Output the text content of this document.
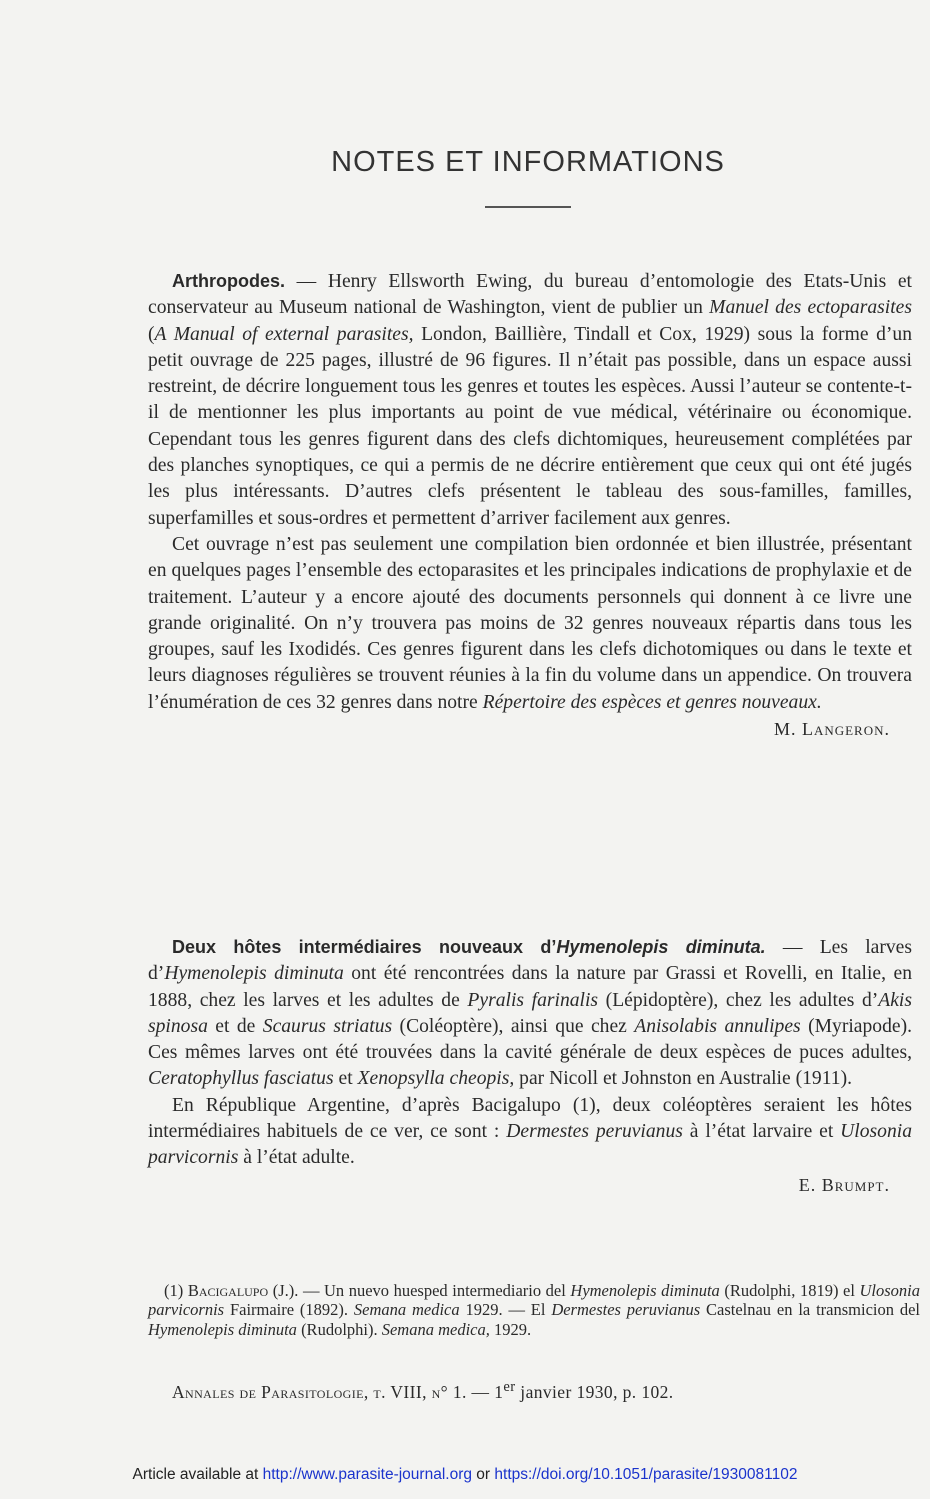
NOTES ET INFORMATIONS

Arthropodes. — Henry Ellsworth Ewing, du bureau d’entomologie des Etats-Unis et conservateur au Museum national de Washington, vient de publier un Manuel des ectoparasites (A Manual of external parasites, London, Baillière, Tindall et Cox, 1929) sous la forme d’un petit ouvrage de 225 pages, illustré de 96 figures. Il n’était pas possible, dans un espace aussi restreint, de décrire longuement tous les genres et toutes les espèces. Aussi l’auteur se contente-t-il de mentionner les plus importants au point de vue médical, vétérinaire ou économique. Cependant tous les genres figurent dans des clefs dichtomiques, heureusement complétées par des planches synoptiques, ce qui a permis de ne décrire entièrement que ceux qui ont été jugés les plus intéressants. D’autres clefs présentent le tableau des sous-familles, familles, superfamilles et sous-ordres et permettent d’arriver facilement aux genres.

Cet ouvrage n’est pas seulement une compilation bien ordonnée et bien illustrée, présentant en quelques pages l’ensemble des ectoparasites et les principales indications de prophylaxie et de traitement. L’auteur y a encore ajouté des documents personnels qui donnent à ce livre une grande originalité. On n’y trouvera pas moins de 32 genres nouveaux répartis dans tous les groupes, sauf les Ixodidés. Ces genres figurent dans les clefs dichotomiques ou dans le texte et leurs diagnoses régulières se trouvent réunies à la fin du volume dans un appendice. On trouvera l’énumération de ces 32 genres dans notre Répertoire des espèces et genres nouveaux.

M. Langeron.

Deux hôtes intermédiaires nouveaux d’Hymenolepis diminuta. — Les larves d’Hymenolepis diminuta ont été rencontrées dans la nature par Grassi et Rovelli, en Italie, en 1888, chez les larves et les adultes de Pyralis farinalis (Lépidoptère), chez les adultes d’Akis spinosa et de Scaurus striatus (Coléoptère), ainsi que chez Anisolabis annulipes (Myriapode). Ces mêmes larves ont été trouvées dans la cavité générale de deux espèces de puces adultes, Ceratophyllus fasciatus et Xenopsylla cheopis, par Nicoll et Johnston en Australie (1911).

En République Argentine, d’après Bacigalupo (1), deux coléoptères seraient les hôtes intermédiaires habituels de ce ver, ce sont : Dermestes peruvianus à l’état larvaire et Ulosonia parvicornis à l’état adulte.

E. Brumpt.

(1) Bacigalupo (J.). — Un nuevo huesped intermediario del Hymenolepis diminuta (Rudolphi, 1819) el Ulosonia parvicornis Fairmaire (1892). Semana medica 1929. — El Dermestes peruvianus Castelnau en la transmicion del Hymenolepis diminuta (Rudolphi). Semana medica, 1929.

Annales de Parasitologie, t. VIII, n° 1. — 1er janvier 1930, p. 102.

Article available at http://www.parasite-journal.org or https://doi.org/10.1051/parasite/1930081102
